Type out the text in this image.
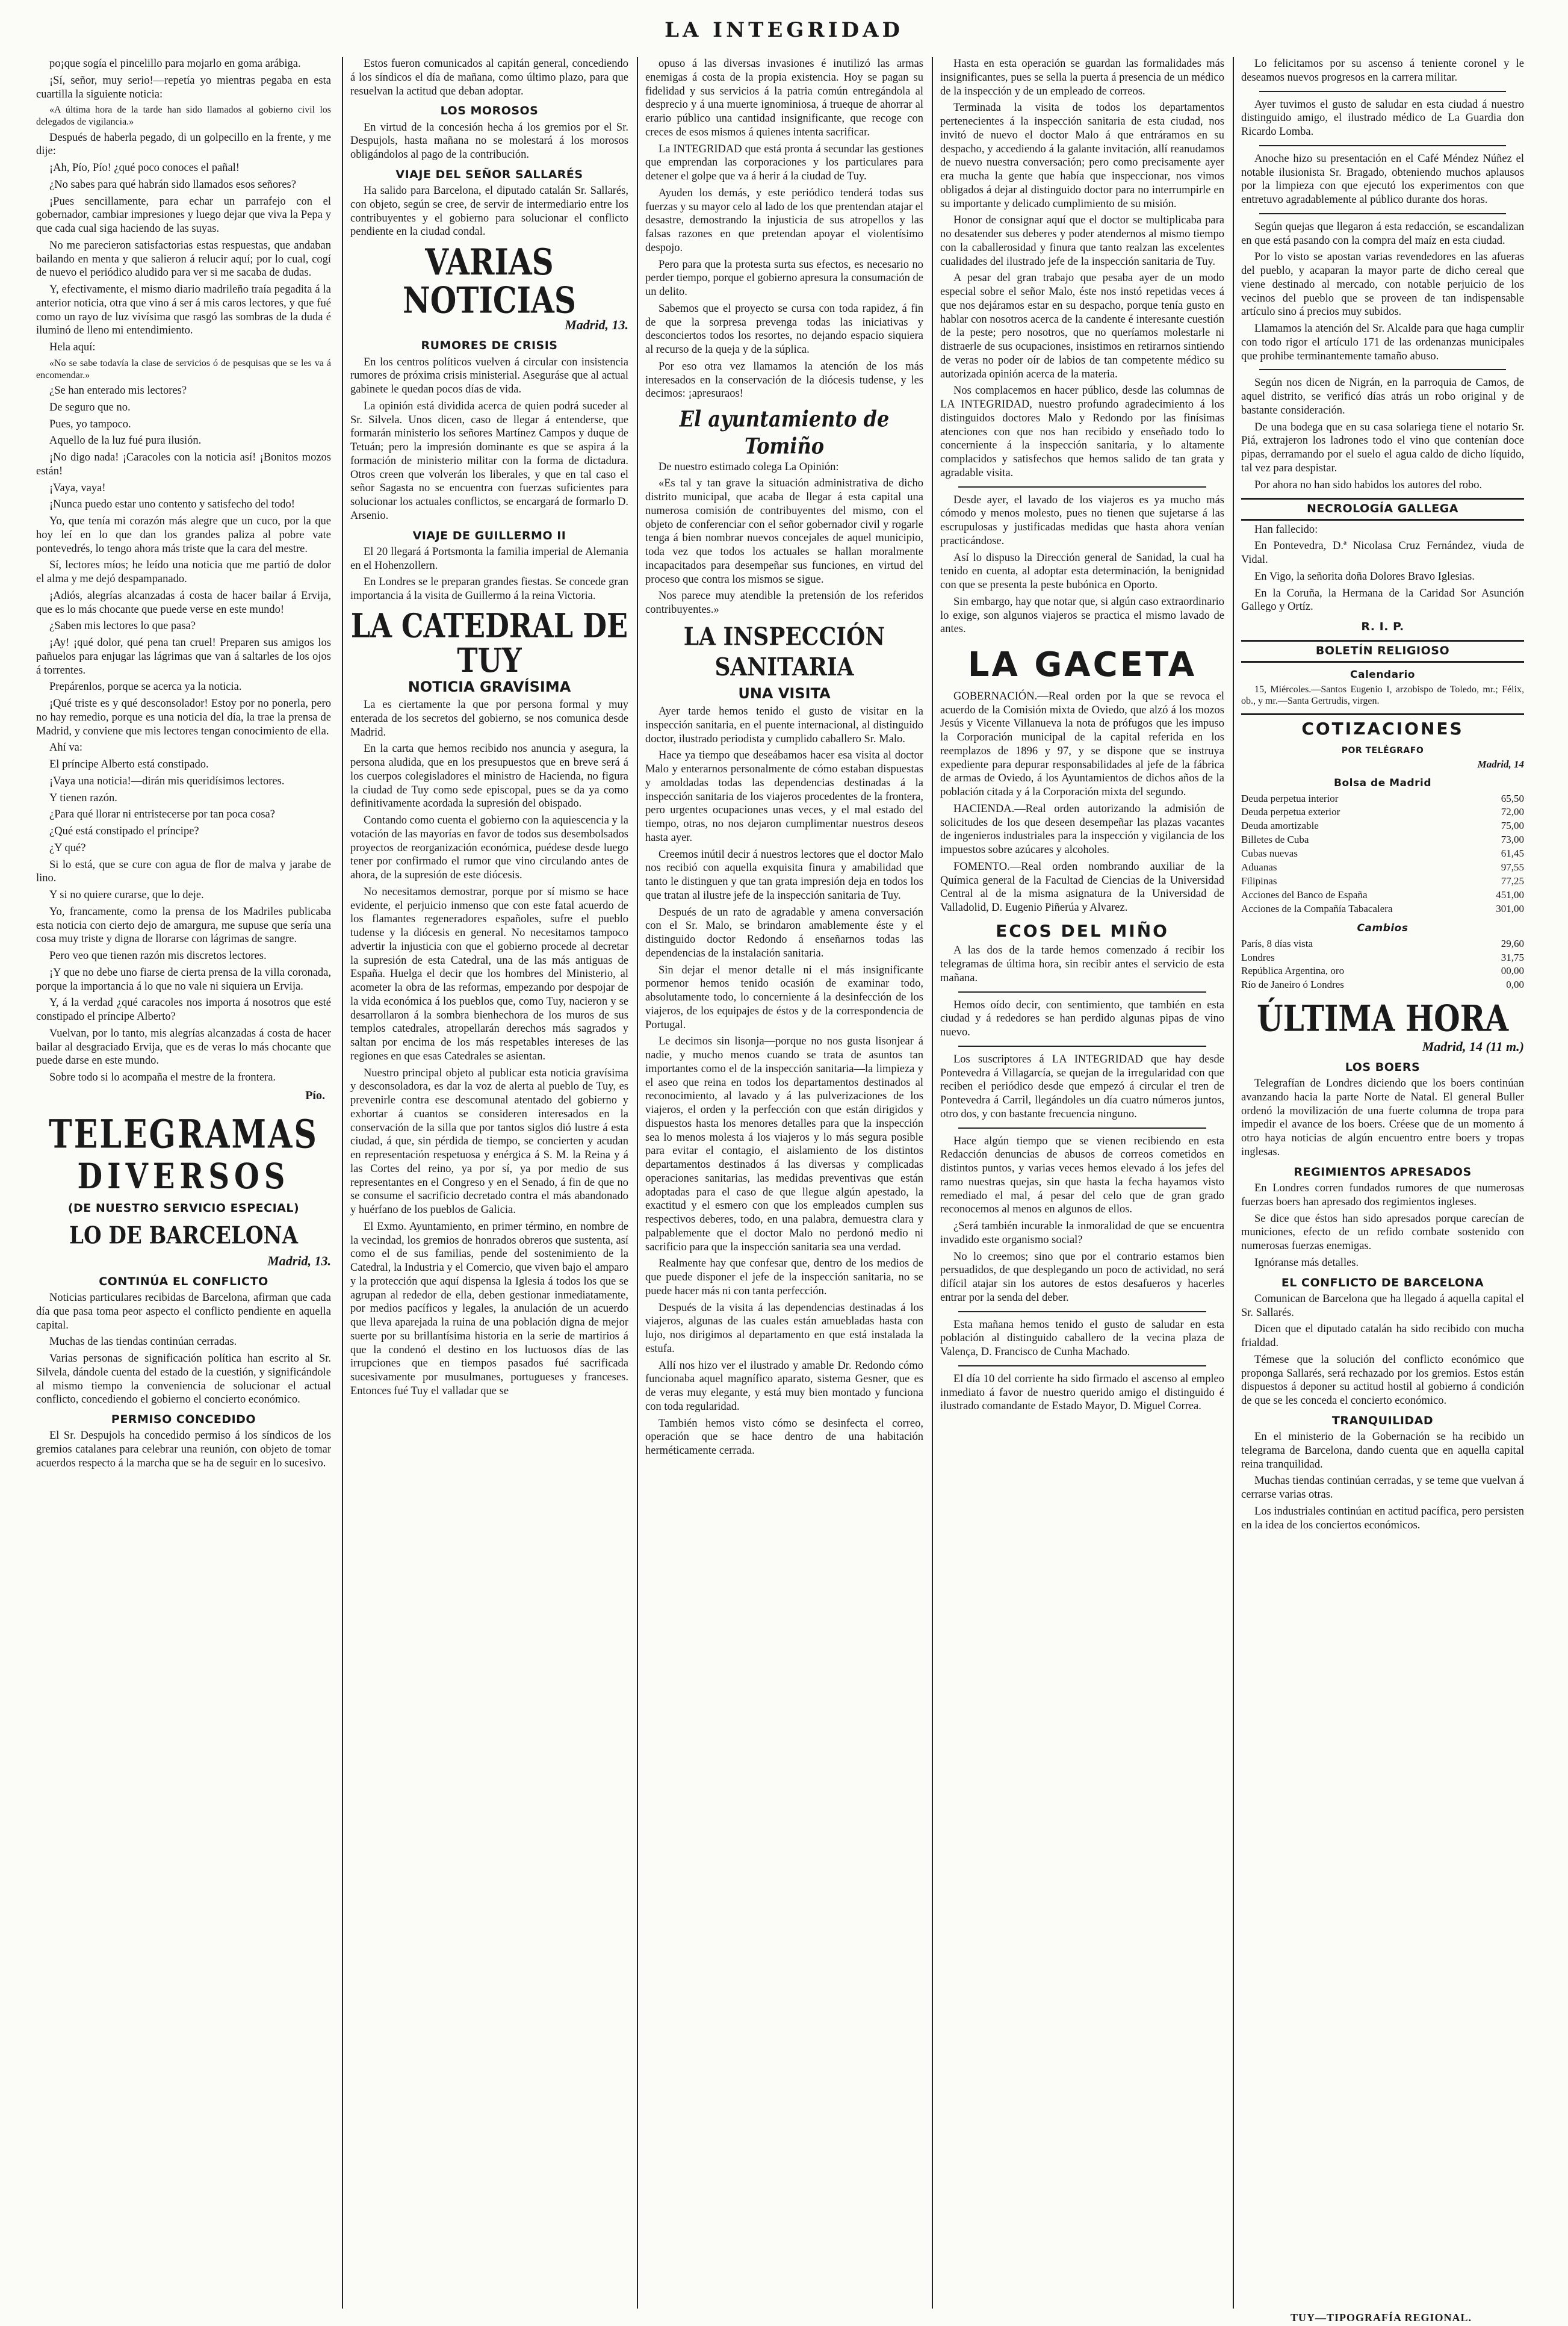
LA INTEGRIDAD

po¡que sogía el pincelillo para mojarlo en goma arábiga.

¡Sí, señor, muy serio!—repetía yo mientras pegaba en esta cuartilla la siguiente noticia:

«A última hora de la tarde han sido llamados al gobierno civil los delegados de vigilancia.»

Después de haberla pegado, di un golpecillo en la frente, y me dije:

¡Ah, Pío, Pío! ¿qué poco conoces el pañal!

¿No sabes para qué habrán sido llamados esos señores?

¡Pues sencillamente, para echar un parrafejo con el gobernador, cambiar impresiones y luego dejar que viva la Pepa y que cada cual siga haciendo de las suyas.

No me parecieron satisfactorias estas respuestas, que andaban bailando en menta y que salieron á relucir aquí; por lo cual, cogí de nuevo el periódico aludido para ver si me sacaba de dudas.

Y, efectivamente, el mismo diario madrileño traía pegadita á la anterior noticia, otra que vino á ser á mis caros lectores, y que fué como un rayo de luz vivísima que rasgó las sombras de la duda é iluminó de lleno mi entendimiento.

Hela aquí:

«No se sabe todavía la clase de servicios ó de pesquisas que se les va á encomendar.»

¿Se han enterado mis lectores?

De seguro que no.

Pues, yo tampoco.

Aquello de la luz fué pura ilusión.

¡No digo nada! ¡Caracoles con la noticia así! ¡Bonitos mozos están!

¡Vaya, vaya!

¡Nunca puedo estar uno contento y satisfecho del todo!

Yo, que tenía mi corazón más alegre que un cuco, por la que hoy leí en lo que dan los grandes paliza al pobre vate pontevedrés, lo tengo ahora más triste que la cara del mestre.

Sí, lectores míos; he leído una noticia que me partió de dolor el alma y me dejó despampanado.

¡Adiós, alegrías alcanzadas á costa de hacer bailar á Ervija, que es lo más chocante que puede verse en este mundo!

¿Saben mis lectores lo que pasa?

¡Ay! ¡qué dolor, qué pena tan cruel! Preparen sus amigos los pañuelos para enjugar las lágrimas que van á saltarles de los ojos á torrentes.

Prepárenlos, porque se acerca ya la noticia.

¡Qué triste es y qué desconsolador! Estoy por no ponerla, pero no hay remedio, porque es una noticia del día, la trae la prensa de Madrid, y conviene que mis lectores tengan conocimiento de ella.

Ahí va:

El príncipe Alberto está constipado.

¡Vaya una noticia!—dirán mis queridísimos lectores.

Y tienen razón.

¿Para qué llorar ni entristecerse por tan poca cosa?

¿Qué está constipado el príncipe?

¿Y qué?

Si lo está, que se cure con agua de flor de malva y jarabe de lino.

Y si no quiere curarse, que lo deje.

Yo, francamente, como la prensa de los Madriles publicaba esta noticia con cierto dejo de amargura, me supuse que sería una cosa muy triste y digna de llorarse con lágrimas de sangre.

Pero veo que tienen razón mis discretos lectores.

¡Y que no debe uno fiarse de cierta prensa de la villa coronada, porque la importancia á lo que no vale ni siquiera un Ervija.

Y, á la verdad ¿qué caracoles nos importa á nosotros que esté constipado el príncipe Alberto?

Vuelvan, por lo tanto, mis alegrías alcanzadas á costa de hacer bailar al desgraciado Ervija, que es de veras lo más chocante que puede darse en este mundo.

Sobre todo si lo acompaña el mestre de la frontera.

Pío.
TELEGRAMAS
DIVERSOS
(DE NUESTRO SERVICIO ESPECIAL)
LO DE BARCELONA
Madrid, 13.
CONTINÚA EL CONFLICTO

Noticias particulares recibidas de Barcelona, afirman que cada día que pasa toma peor aspecto el conflicto pendiente en aquella capital.

Muchas de las tiendas continúan cerradas.

Varias personas de significación política han escrito al Sr. Silvela, dándole cuenta del estado de la cuestión, y significándole al mismo tiempo la conveniencia de solucionar el actual conflicto, concediendo el gobierno el concierto económico.

PERMISO CONCEDIDO

El Sr. Despujols ha concedido permiso á los síndicos de los gremios catalanes para celebrar una reunión, con objeto de tomar acuerdos respecto á la marcha que se ha de seguir en lo sucesivo.

Estos fueron comunicados al capitán general, concediendo á los síndicos el día de mañana, como último plazo, para que resuelvan la actitud que deban adoptar.

LOS MOROSOS

En virtud de la concesión hecha á los gremios por el Sr. Despujols, hasta mañana no se molestará á los morosos obligándolos al pago de la contribución.

VIAJE DEL SEÑOR SALLARÉS

Ha salido para Barcelona, el diputado catalán Sr. Sallarés, con objeto, según se cree, de servir de intermediario entre los contribuyentes y el gobierno para solucionar el conflicto pendiente en la ciudad condal.

VARIAS NOTICIAS
Madrid, 13.
RUMORES DE CRISIS

En los centros políticos vuelven á circular con insistencia rumores de próxima crisis ministerial. Aseguráse que al actual gabinete le quedan pocos días de vida.

La opinión está dividida acerca de quien podrá suceder al Sr. Silvela. Unos dicen, caso de llegar á entenderse, que formarán ministerio los señores Martínez Campos y duque de Tetuán; pero la impresión dominante es que se aspira á la formación de ministerio militar con la forma de dictadura. Otros creen que volverán los liberales, y que en tal caso el señor Sagasta no se encuentra con fuerzas suficientes para solucionar los actuales conflictos, se encargará de formarlo D. Arsenio.

VIAJE DE GUILLERMO II

El 20 llegará á Portsmonta la familia imperial de Alemania en el Hohenzollern.

En Londres se le preparan grandes fiestas. Se concede gran importancia á la visita de Guillermo á la reina Victoria.

LA CATEDRAL DE TUY
NOTICIA GRAVÍSIMA

La es ciertamente la que por persona formal y muy enterada de los secretos del gobierno, se nos comunica desde Madrid.

En la carta que hemos recibido nos anuncia y asegura, la persona aludida, que en los presupuestos que en breve será á los cuerpos colegisladores el ministro de Hacienda, no figura la ciudad de Tuy como sede episcopal, pues se da ya como definitivamente acordada la supresión del obispado.

Contando como cuenta el gobierno con la aquiescencia y la votación de las mayorías en favor de todos sus desembolsados proyectos de reorganización económica, puédese desde luego tener por confirmado el rumor que vino circulando antes de ahora, de la supresión de este diócesis.

No necesitamos demostrar, porque por sí mismo se hace evidente, el perjuicio inmenso que con este fatal acuerdo de los flamantes regeneradores españoles, sufre el pueblo tudense y la diócesis en general. No necesitamos tampoco advertir la injusticia con que el gobierno procede al decretar la supresión de esta Catedral, una de las más antiguas de España. Huelga el decir que los hombres del Ministerio, al acometer la obra de las reformas, empezando por despojar de la vida económica á los pueblos que, como Tuy, nacieron y se desarrollaron á la sombra bienhechora de los muros de sus templos catedrales, atropellarán derechos más sagrados y saltan por encima de los más respetables intereses de las regiones en que esas Catedrales se asientan.

Nuestro principal objeto al publicar esta noticia gravísima y desconsoladora, es dar la voz de alerta al pueblo de Tuy, es prevenirle contra ese descomunal atentado del gobierno y exhortar á cuantos se consideren interesados en la conservación de la silla que por tantos siglos dió lustre á esta ciudad, á que, sin pérdida de tiempo, se concierten y acudan en representación respetuosa y enérgica á S. M. la Reina y á las Cortes del reino, ya por sí, ya por medio de sus representantes en el Congreso y en el Senado, á fin de que no se consume el sacrificio decretado contra el más abandonado y huérfano de los pueblos de Galicia.

El Exmo. Ayuntamiento, en primer término, en nombre de la vecindad, los gremios de honrados obreros que sustenta, así como el de sus familias, pende del sostenimiento de la Catedral, la Industria y el Comercio, que viven bajo el amparo y la protección que aquí dispensa la Iglesia á todos los que se agrupan al rededor de ella, deben gestionar inmediatamente, por medios pacíficos y legales, la anulación de un acuerdo que lleva aparejada la ruina de una población digna de mejor suerte por su brillantísima historia en la serie de martirios á que la condenó el destino en los luctuosos días de las irrupciones que en tiempos pasados fué sacrificada sucesivamente por musulmanes, portugueses y franceses. Entonces fué Tuy el valladar que se

opuso á las diversas invasiones é inutilizó las armas enemigas á costa de la propia existencia. Hoy se pagan su fidelidad y sus servicios á la patria común entregándola al desprecio y á una muerte ignominiosa, á trueque de ahorrar al erario público una cantidad insignificante, que recoge con creces de esos mismos á quienes intenta sacrificar.

La INTEGRIDAD que está pronta á secundar las gestiones que emprendan las corporaciones y los particulares para detener el golpe que va á herir á la ciudad de Tuy.

Ayuden los demás, y este periódico tenderá todas sus fuerzas y su mayor celo al lado de los que prentendan atajar el desastre, demostrando la injusticia de sus atropellos y las falsas razones en que pretendan apoyar el violentísimo despojo.

Pero para que la protesta surta sus efectos, es necesario no perder tiempo, porque el gobierno apresura la consumación de un delito.

Sabemos que el proyecto se cursa con toda rapidez, á fin de que la sorpresa prevenga todas las iniciativas y desconciertos todos los resortes, no dejando espacio siquiera al recurso de la queja y de la súplica.

Por eso otra vez llamamos la atención de los más interesados en la conservación de la diócesis tudense, y les decimos: ¡apresuraos!

El ayuntamiento de Tomiño

De nuestro estimado colega La Opinión:

«Es tal y tan grave la situación administrativa de dicho distrito municipal, que acaba de llegar á esta capital una numerosa comisión de contribuyentes del mismo, con el objeto de conferenciar con el señor gobernador civil y rogarle tenga á bien nombrar nuevos concejales de aquel municipio, toda vez que todos los actuales se hallan moralmente incapacitados para desempeñar sus funciones, en virtud del proceso que contra los mismos se sigue.

Nos parece muy atendible la pretensión de los referidos contribuyentes.»

LA INSPECCIÓN SANITARIA
UNA VISITA

Ayer tarde hemos tenido el gusto de visitar en la inspección sanitaria, en el puente internacional, al distinguido doctor, ilustrado periodista y cumplido caballero Sr. Malo.

Hace ya tiempo que deseábamos hacer esa visita al doctor Malo y enterarnos personalmente de cómo estaban dispuestas y amoldadas todas las dependencias destinadas á la inspección sanitaria de los viajeros procedentes de la frontera, pero urgentes ocupaciones unas veces, y el mal estado del tiempo, otras, no nos dejaron cumplimentar nuestros deseos hasta ayer.

Creemos inútil decir á nuestros lectores que el doctor Malo nos recibió con aquella exquisita finura y amabilidad que tanto le distinguen y que tan grata impresión deja en todos los que tratan al ilustre jefe de la inspección sanitaria de Tuy.

Después de un rato de agradable y amena conversación con el Sr. Malo, se brindaron amablemente éste y el distinguido doctor Redondo á enseñarnos todas las dependencias de la instalación sanitaria.

Sin dejar el menor detalle ni el más insignificante pormenor hemos tenido ocasión de examinar todo, absolutamente todo, lo concerniente á la desinfección de los viajeros, de los equipajes de éstos y de la correspondencia de Portugal.

Le decimos sin lisonja—porque no nos gusta lisonjear á nadie, y mucho menos cuando se trata de asuntos tan importantes como el de la inspección sanitaria—la limpieza y el aseo que reina en todos los departamentos destinados al reconocimiento, al lavado y á las pulverizaciones de los viajeros, el orden y la perfección con que están dirigidos y dispuestos hasta los menores detalles para que la inspección sea lo menos molesta á los viajeros y lo más segura posible para evitar el contagio, el aislamiento de los distintos departamentos destinados á las diversas y complicadas operaciones sanitarias, las medidas preventivas que están adoptadas para el caso de que llegue algún apestado, la exactitud y el esmero con que los empleados cumplen sus respectivos deberes, todo, en una palabra, demuestra clara y palpablemente que el doctor Malo no perdonó medio ni sacrificio para que la inspección sanitaria sea una verdad.

Realmente hay que confesar que, dentro de los medios de que puede disponer el jefe de la inspección sanitaria, no se puede hacer más ni con tanta perfección.

Después de la visita á las dependencias destinadas á los viajeros, algunas de las cuales están amuebladas hasta con lujo, nos dirigimos al departamento en que está instalada la estufa.

Allí nos hizo ver el ilustrado y amable Dr. Redondo cómo funcionaba aquel magnífico aparato, sistema Gesner, que es de veras muy elegante, y está muy bien montado y funciona con toda regularidad.

También hemos visto cómo se desinfecta el correo, operación que se hace dentro de una habitación herméticamente cerrada.

Hasta en esta operación se guardan las formalidades más insignificantes, pues se sella la puerta á presencia de un médico de la inspección y de un empleado de correos.

Terminada la visita de todos los departamentos pertenecientes á la inspección sanitaria de esta ciudad, nos invitó de nuevo el doctor Malo á que entráramos en su despacho, y accediendo á la galante invitación, allí reanudamos de nuevo nuestra conversación; pero como precisamente ayer era mucha la gente que había que inspeccionar, nos vimos obligados á dejar al distinguido doctor para no interrumpirle en su importante y delicado cumplimiento de su misión.

Honor de consignar aquí que el doctor se multiplicaba para no desatender sus deberes y poder atendernos al mismo tiempo con la caballerosidad y finura que tanto realzan las excelentes cualidades del ilustrado jefe de la inspección sanitaria de Tuy.

A pesar del gran trabajo que pesaba ayer de un modo especial sobre el señor Malo, éste nos instó repetidas veces á que nos dejáramos estar en su despacho, porque tenía gusto en hablar con nosotros acerca de la candente é interesante cuestión de la peste; pero nosotros, que no queríamos molestarle ni distraerle de sus ocupaciones, insistimos en retirarnos sintiendo de veras no poder oír de labios de tan competente médico su autorizada opinión acerca de la materia.

Nos complacemos en hacer público, desde las columnas de LA INTEGRIDAD, nuestro profundo agradecimiento á los distinguidos doctores Malo y Redondo por las finísimas atenciones con que nos han recibido y enseñado todo lo concerniente á la inspección sanitaria, y lo altamente complacidos y satisfechos que hemos salido de tan grata y agradable visita.

Desde ayer, el lavado de los viajeros es ya mucho más cómodo y menos molesto, pues no tienen que sujetarse á las escrupulosas y justificadas medidas que hasta ahora venían practicándose.

Así lo dispuso la Dirección general de Sanidad, la cual ha tenido en cuenta, al adoptar esta determinación, la benignidad con que se presenta la peste bubónica en Oporto.

Sin embargo, hay que notar que, si algún caso extraordinario lo exige, son algunos viajeros se practica el mismo lavado de antes.

LA GACETA

GOBERNACIÓN.—Real orden por la que se revoca el acuerdo de la Comisión mixta de Oviedo, que alzó á los mozos Jesús y Vicente Villanueva la nota de prófugos que les impuso la Corporación municipal de la capital referida en los reemplazos de 1896 y 97, y se dispone que se instruya expediente para depurar responsabilidades al jefe de la fábrica de armas de Oviedo, á los Ayuntamientos de dichos años de la población citada y á la Corporación mixta del segundo.

HACIENDA.—Real orden autorizando la admisión de solicitudes de los que deseen desempeñar las plazas vacantes de ingenieros industriales para la inspección y vigilancia de los impuestos sobre azúcares y alcoholes.

FOMENTO.—Real orden nombrando auxiliar de la Química general de la Facultad de Ciencias de la Universidad Central al de la misma asignatura de la Universidad de Valladolid, D. Eugenio Piñerúa y Alvarez.

ECOS DEL MIÑO

A las dos de la tarde hemos comenzado á recibir los telegramas de última hora, sin recibir antes el servicio de esta mañana.

Hemos oído decir, con sentimiento, que también en esta ciudad y á rededores se han perdido algunas pipas de vino nuevo.

Los suscriptores á LA INTEGRIDAD que hay desde Pontevedra á Villagarcía, se quejan de la irregularidad con que reciben el periódico desde que empezó á circular el tren de Pontevedra á Carril, llegándoles un día cuatro números juntos, otro dos, y con bastante frecuencia ninguno.

Hace algún tiempo que se vienen recibiendo en esta Redacción denuncias de abusos de correos cometidos en distintos puntos, y varias veces hemos elevado á los jefes del ramo nuestras quejas, sin que hasta la fecha hayamos visto remediado el mal, á pesar del celo que de gran grado reconocemos al menos en algunos de ellos.

¿Será también incurable la inmoralidad de que se encuentra invadido este organismo social?

No lo creemos; sino que por el contrario estamos bien persuadidos, de que desplegando un poco de actividad, no será difícil atajar sin los autores de estos desafueros y hacerles entrar por la senda del deber.

Esta mañana hemos tenido el gusto de saludar en esta población al distinguido caballero de la vecina plaza de Valença, D. Francisco de Cunha Machado.

El día 10 del corriente ha sido firmado el ascenso al empleo inmediato á favor de nuestro querido amigo el distinguido é ilustrado comandante de Estado Mayor, D. Miguel Correa.

Lo felicitamos por su ascenso á teniente coronel y le deseamos nuevos progresos en la carrera militar.

Ayer tuvimos el gusto de saludar en esta ciudad á nuestro distinguido amigo, el ilustrado médico de La Guardia don Ricardo Lomba.

Anoche hizo su presentación en el Café Méndez Núñez el notable ilusionista Sr. Bragado, obteniendo muchos aplausos por la limpieza con que ejecutó los experimentos con que entretuvo agradablemente al público durante dos horas.

Según quejas que llegaron á esta redacción, se escandalizan en que está pasando con la compra del maíz en esta ciudad.

Por lo visto se apostan varias revendedores en las afueras del pueblo, y acaparan la mayor parte de dicho cereal que viene destinado al mercado, con notable perjuicio de los vecinos del pueblo que se proveen de tan indispensable artículo sino á precios muy subidos.

Llamamos la atención del Sr. Alcalde para que haga cumplir con todo rigor el artículo 171 de las ordenanzas municipales que prohibe terminantemente tamaño abuso.

Según nos dicen de Nigrán, en la parroquia de Camos, de aquel distrito, se verificó días atrás un robo original y de bastante consideración.

De una bodega que en su casa solariega tiene el notario Sr. Piá, extrajeron los ladrones todo el vino que contenían doce pipas, derramando por el suelo el agua caldo de dicho líquido, tal vez para despistar.

Por ahora no han sido habidos los autores del robo.

NECROLOGÍA GALLEGA

Han fallecido:

En Pontevedra, D.ª Nicolasa Cruz Fernández, viuda de Vidal.

En Vigo, la señorita doña Dolores Bravo Iglesias.

En la Coruña, la Hermana de la Caridad Sor Asunción Gallego y Ortíz.

R. I. P.
BOLETÍN RELIGIOSO
Calendario

15, Miércoles.—Santos Eugenio I, arzobispo de Toledo, mr.; Félix, ob., y mr.—Santa Gertrudis, virgen.

COTIZACIONES
POR TELÉGRAFO
Madrid, 14
Bolsa de Madrid
Deuda perpetua interior	65,50
Deuda perpetua exterior	72,00
Deuda amortizable	75,00
Billetes de Cuba	73,00
Cubas nuevas	61,45
Aduanas	97,55
Filipinas	77,25
Acciones del Banco de España	451,00
Acciones de la Compañía Tabacalera	301,00
Cambios
París, 8 días vista	29,60
Londres	31,75
República Argentina, oro	00,00
Río de Janeiro ó Londres	0,00
ÚLTIMA HORA
Madrid, 14 (11 m.)
LOS BOERS

Telegrafían de Londres diciendo que los boers continúan avanzando hacia la parte Norte de Natal. El general Buller ordenó la movilización de una fuerte columna de tropa para impedir el avance de los boers. Créese que de un momento á otro haya noticias de algún encuentro entre boers y tropas inglesas.

REGIMIENTOS APRESADOS

En Londres corren fundados rumores de que numerosas fuerzas boers han apresado dos regimientos ingleses.

Se dice que éstos han sido apresados porque carecían de municiones, efecto de un refido combate sostenido con numerosas fuerzas enemigas.

Ignóranse más detalles.

EL CONFLICTO DE BARCELONA

Comunican de Barcelona que ha llegado á aquella capital el Sr. Sallarés.

Dicen que el diputado catalán ha sido recibido con mucha frialdad.

Témese que la solución del conflicto económico que proponga Sallarés, será rechazado por los gremios. Estos están dispuestos á deponer su actitud hostil al gobierno á condición de que se les conceda el concierto económico.

TRANQUILIDAD

En el ministerio de la Gobernación se ha recibido un telegrama de Barcelona, dando cuenta que en aquella capital reina tranquilidad.

Muchas tiendas continúan cerradas, y se teme que vuelvan á cerrarse varias otras.

Los industriales continúan en actitud pacífica, pero persisten en la idea de los conciertos económicos.

TUY—TIPOGRAFÍA REGIONAL.
